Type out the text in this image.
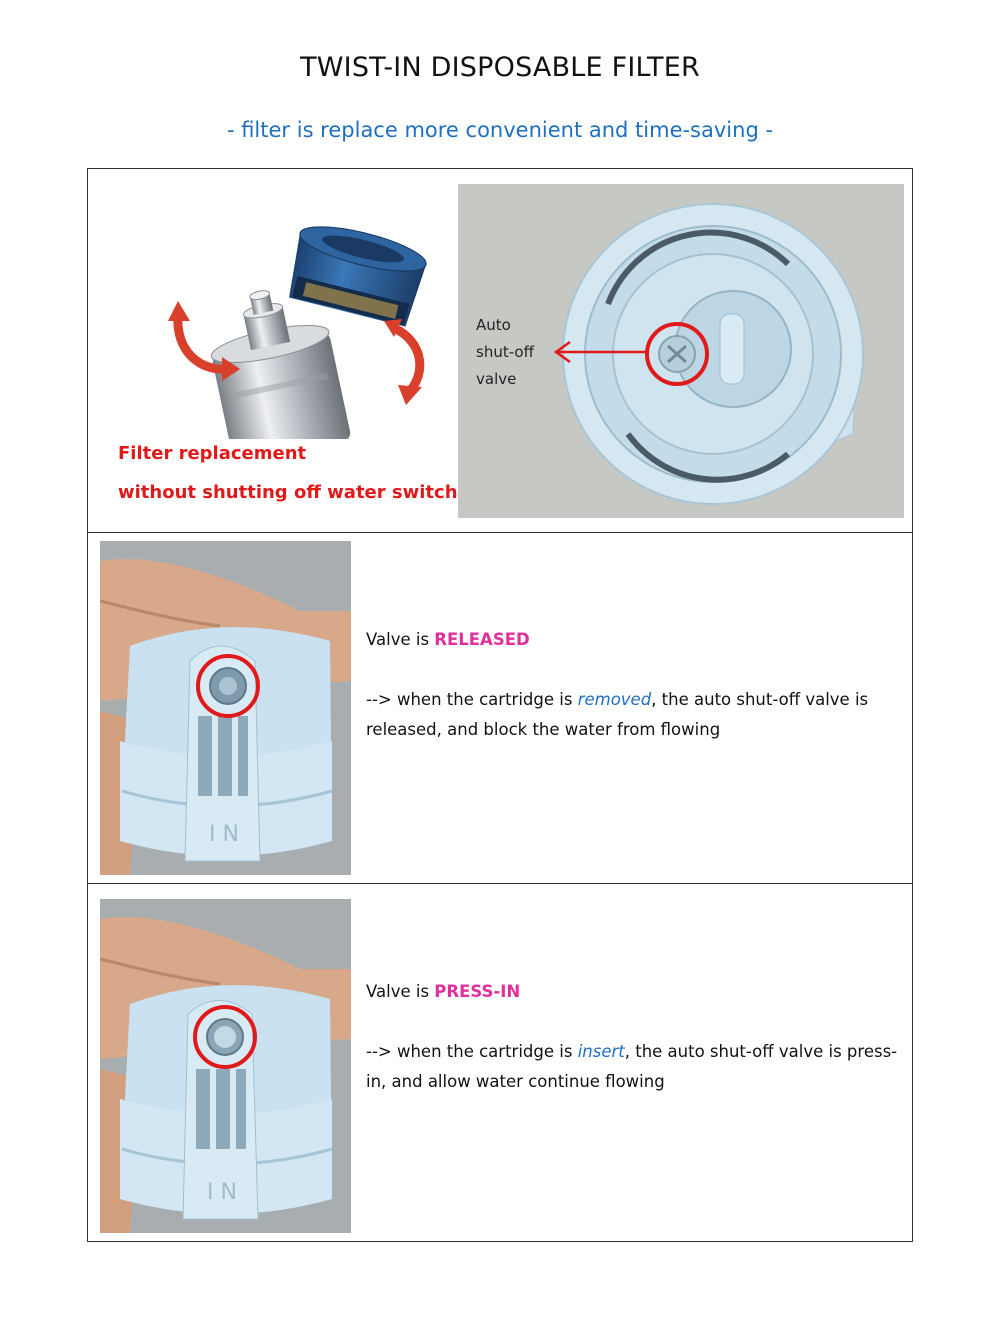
TWIST-IN DISPOSABLE FILTER
- filter is replace more convenient and time-saving -
Filter replacement
without shutting off water switch
Auto
shut-off
valve
I N

Valve is RELEASED

--> when the cartridge is removed, the auto shut-off valve is released, and block the water from flowing

I N

Valve is PRESS-IN

--> when the cartridge is insert, the auto shut-off valve is press-in, and allow water continue flowing
